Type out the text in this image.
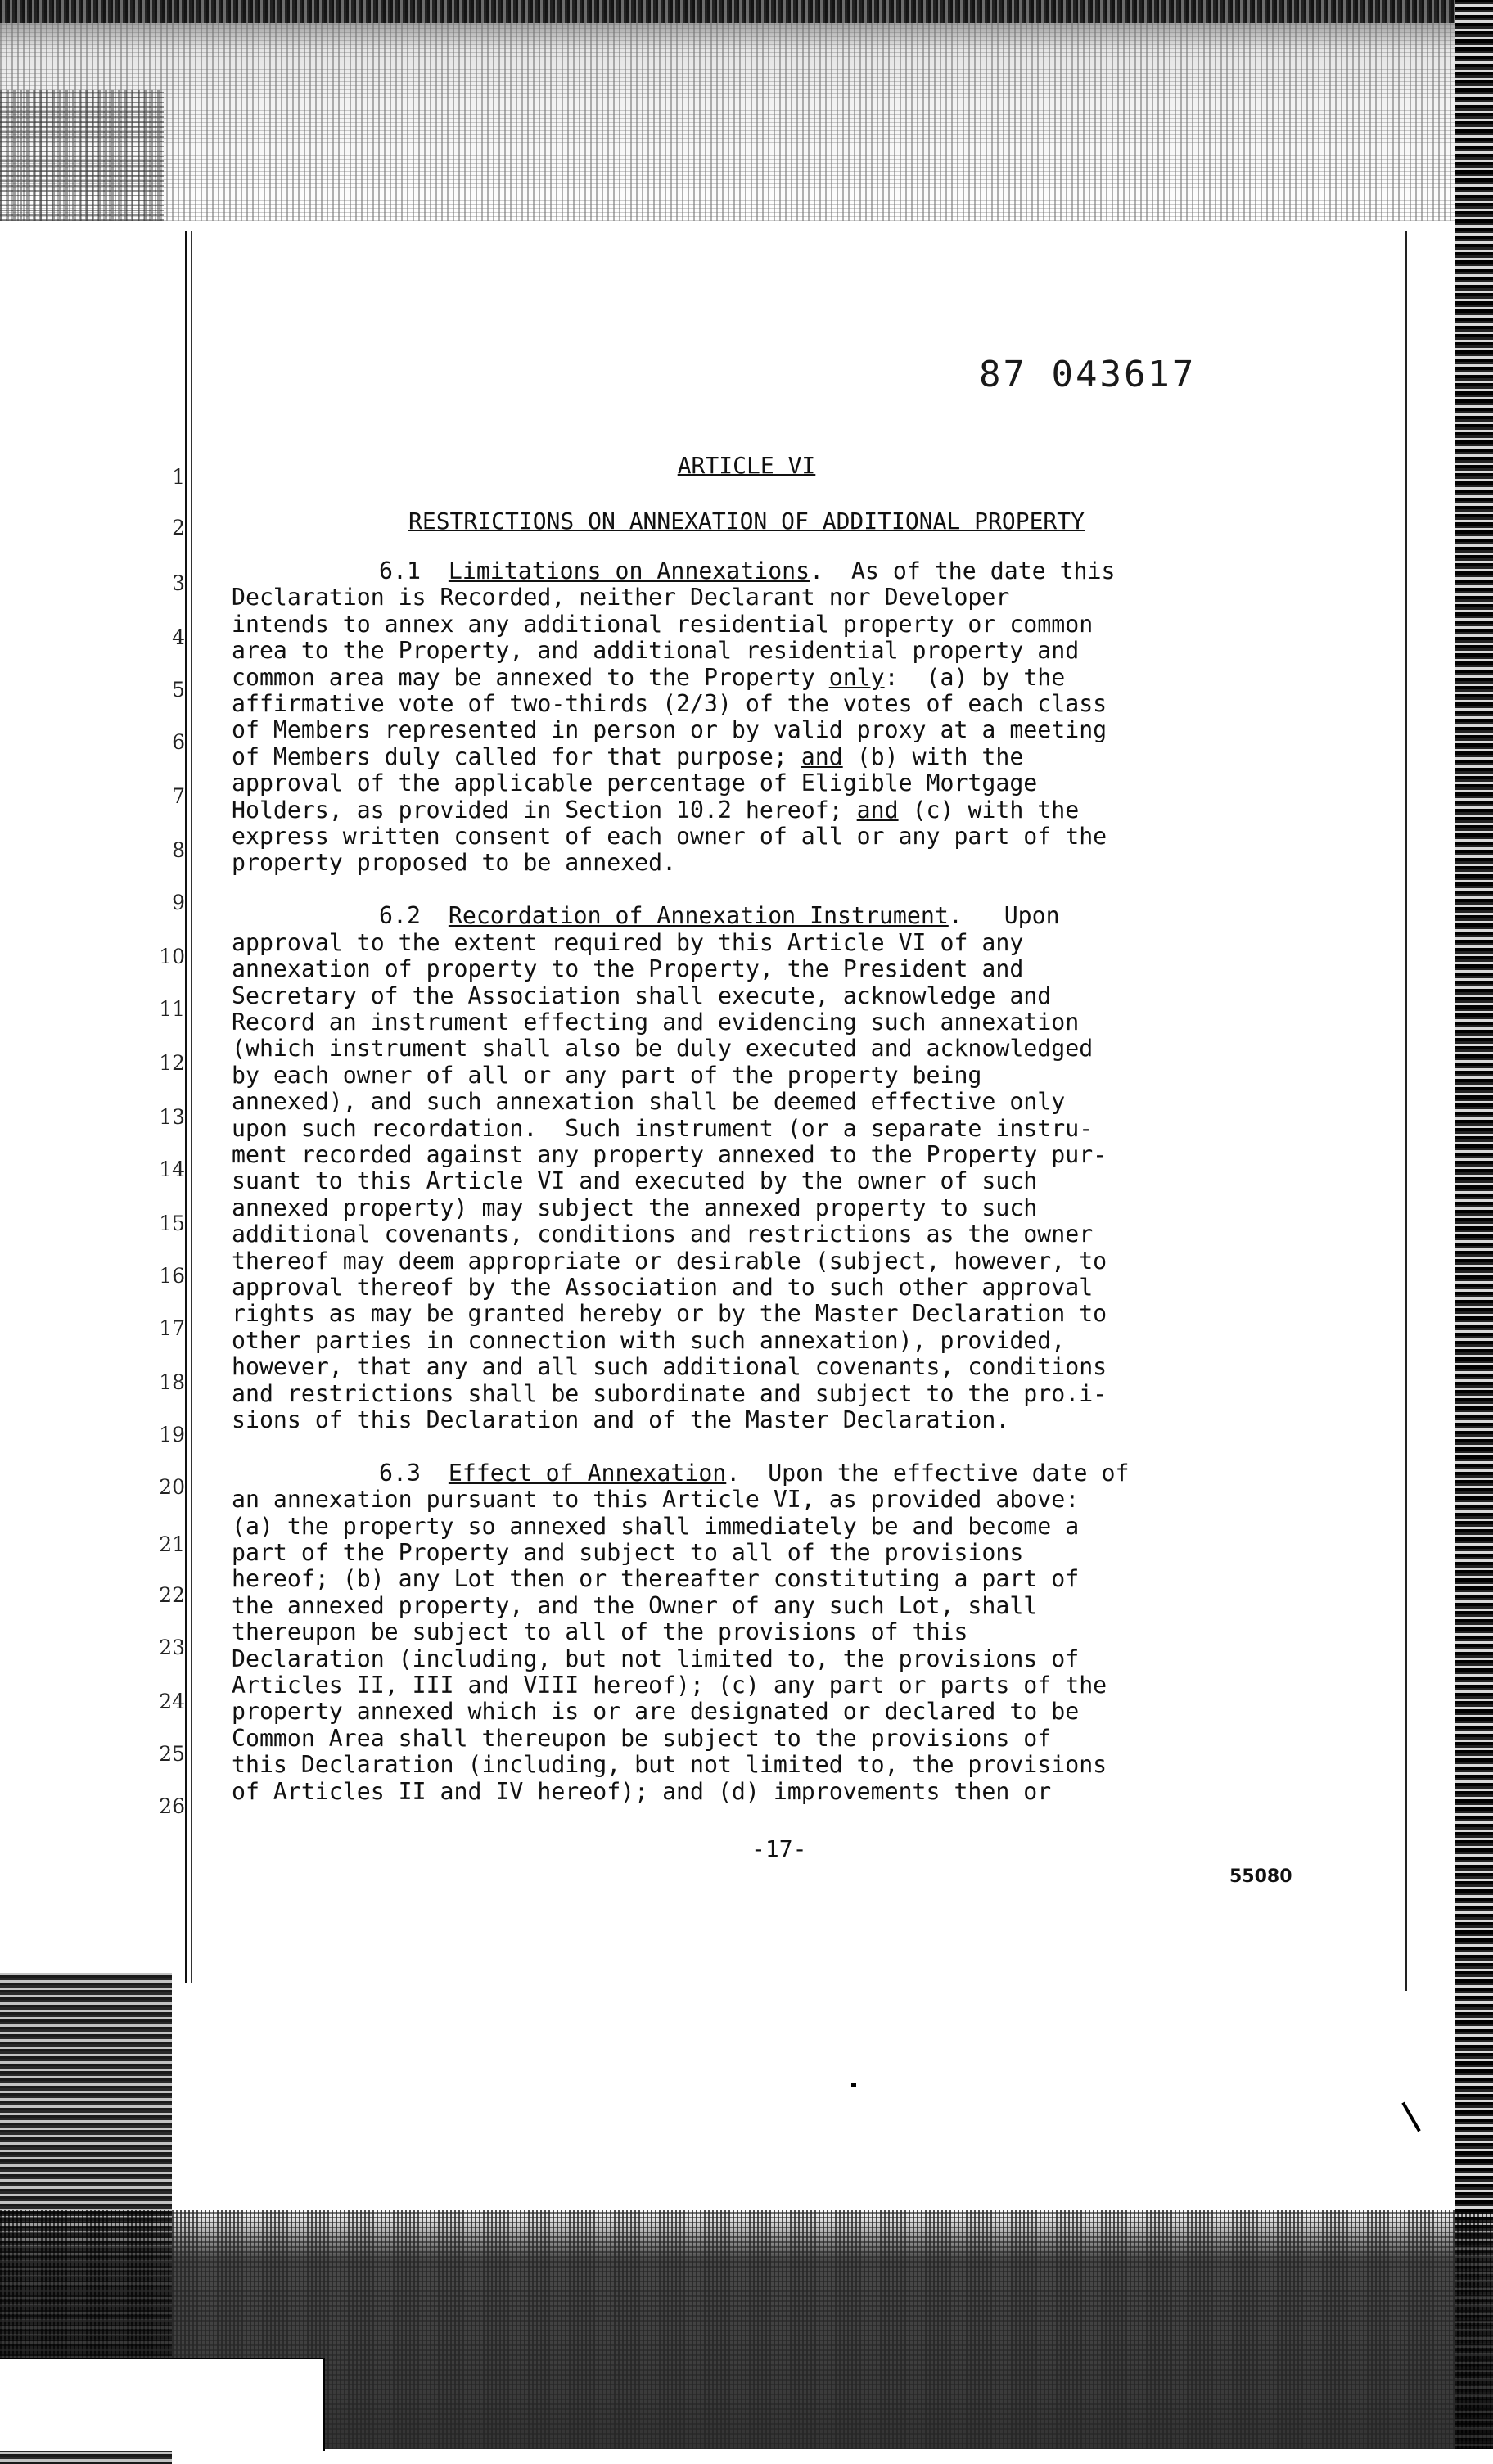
87 043617
1
2
3
4
5
6
7
8
9
10
11
12
13
14
15
16
17
18
19
20
21
22
23
24
25
26
ARTICLE VI
RESTRICTIONS ON ANNEXATION OF ADDITIONAL PROPERTY
6.1 Limitations on Annexations.  As of the date this
Declaration is Recorded, neither Declarant nor Developer
intends to annex any additional residential property or common
area to the Property, and additional residential property and
common area may be annexed to the Property only:  (a) by the
affirmative vote of two-thirds (2/3) of the votes of each class
of Members represented in person or by valid proxy at a meeting
of Members duly called for that purpose; and (b) with the
approval of the applicable percentage of Eligible Mortgage
Holders, as provided in Section 10.2 hereof; and (c) with the
express written consent of each owner of all or any part of the
property proposed to be annexed.

6.2 Recordation of Annexation Instrument.   Upon
approval to the extent required by this Article VI of any
annexation of property to the Property, the President and
Secretary of the Association shall execute, acknowledge and
Record an instrument effecting and evidencing such annexation
(which instrument shall also be duly executed and acknowledged
by each owner of all or any part of the property being
annexed), and such annexation shall be deemed effective only
upon such recordation.  Such instrument (or a separate instru-
ment recorded against any property annexed to the Property pur-
suant to this Article VI and executed by the owner of such
annexed property) may subject the annexed property to such
additional covenants, conditions and restrictions as the owner
thereof may deem appropriate or desirable (subject, however, to
approval thereof by the Association and to such other approval
rights as may be granted hereby or by the Master Declaration to
other parties in connection with such annexation), provided,
however, that any and all such additional covenants, conditions
and restrictions shall be subordinate and subject to the pro.i-
sions of this Declaration and of the Master Declaration.

6.3 Effect of Annexation.  Upon the effective date of
an annexation pursuant to this Article VI, as provided above:
(a) the property so annexed shall immediately be and become a
part of the Property and subject to all of the provisions
hereof; (b) any Lot then or thereafter constituting a part of
the annexed property, and the Owner of any such Lot, shall
thereupon be subject to all of the provisions of this
Declaration (including, but not limited to, the provisions of
Articles II, III and VIII hereof); (c) any part or parts of the
property annexed which is or are designated or declared to be
Common Area shall thereupon be subject to the provisions of
this Declaration (including, but not limited to, the provisions
of Articles II and IV hereof); and (d) improvements then or
-17-
55080
